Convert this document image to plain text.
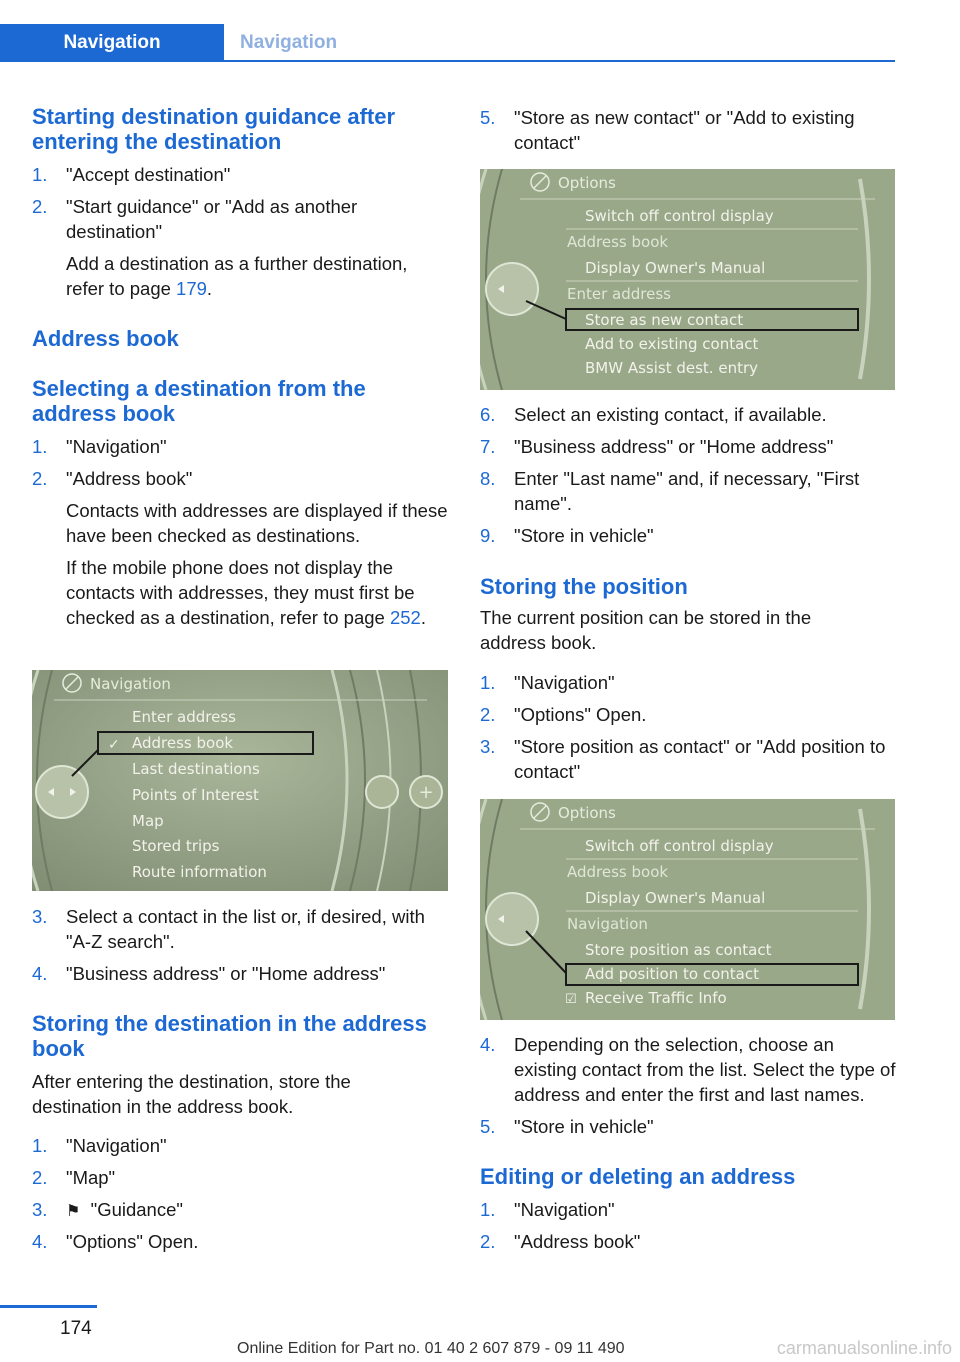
Navigation	Navigation
Starting destination guidance after entering the destination
1. "Accept destination"
2. "Start guidance" or "Add as another destination"
Add a destination as a further destination, refer to page 179.
Address book
Selecting a destination from the address book
1. "Navigation"
2. "Address book"
Contacts with addresses are displayed if these have been checked as destinations.
If the mobile phone does not display the contacts with addresses, they must first be checked as a destination, refer to page 252.
+
Navigation
✓
Enter address
Address book
Last destinations
Points of Interest
Map
Stored trips
Route information
3. Select a contact in the list or, if desired, with "A-Z search".
4. "Business address" or "Home address"
Storing the destination in the address book
After entering the destination, store the destination in the address book.
1. "Navigation"
2. "Map"
3. ⚑ "Guidance"
4. "Options" Open.
5. "Store as new contact" or "Add to existing contact"
Options
Switch off control display
Address book
Display Owner's Manual
Enter address
Store as new contact
Add to existing contact
BMW Assist dest. entry
6. Select an existing contact, if available.
7. "Business address" or "Home address"
8. Enter "Last name" and, if necessary, "First name".
9. "Store in vehicle"
Storing the position
The current position can be stored in the address book.
1. "Navigation"
2. "Options" Open.
3. "Store position as contact" or "Add position to contact"
Options
Switch off control display
Address book
Display Owner's Manual
Navigation
Store position as contact
Add position to contact
☑ Receive Traffic Info
4. Depending on the selection, choose an existing contact from the list. Select the type of address and enter the first and last names.
5. "Store in vehicle"
Editing or deleting an address
1. "Navigation"
2. "Address book"
174
Online Edition for Part no. 01 40 2 607 879 - 09 11 490	carmanualsonline.info
